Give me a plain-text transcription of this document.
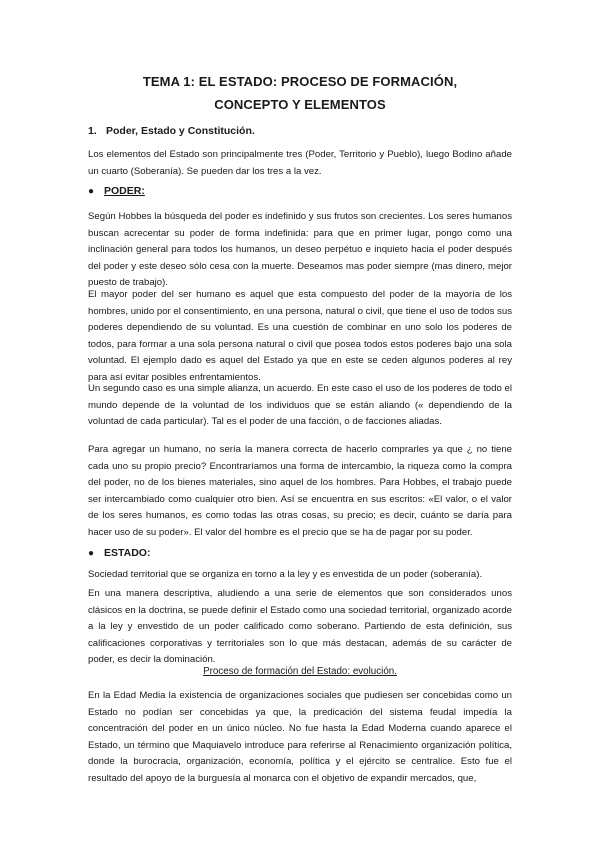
TEMA 1: EL ESTADO: PROCESO DE FORMACIÓN,
CONCEPTO Y ELEMENTOS
1. Poder, Estado y Constitución.
Los elementos del Estado son principalmente tres (Poder, Territorio y Pueblo), luego Bodino añade un cuarto (Soberanía). Se pueden dar los tres a la vez.
● PODER:
Según Hobbes la búsqueda del poder es indefinido y sus frutos son crecientes. Los seres humanos buscan acrecentar su poder de forma indefinida: para que en primer lugar, pongo como una inclinación general para todos los humanos, un deseo perpétuo e inquieto hacia el poder después del poder y este deseo sólo cesa con la muerte. Deseamos mas poder siempre (mas dinero, mejor puesto de trabajo).
El mayor poder del ser humano es aquel que esta compuesto del poder de la mayoría de los hombres, unido por el consentimiento, en una persona, natural o civil, que tiene el uso de todos sus poderes dependiendo de su voluntad. Es una cuestión de combinar en uno solo los poderes de todos, para formar a una sola persona natural o civil que posea todos estos poderes bajo una sola voluntad. El ejemplo dado es aquel del Estado ya que en este se ceden algunos poderes al rey para así evitar posibles enfrentamientos.
Un segundo caso es una simple alianza, un acuerdo. En este caso el uso de los poderes de todo el mundo depende de la voluntad de los individuos que se están aliando (« dependiendo de la voluntad de cada particular). Tal es el poder de una facción, o de facciones aliadas.
Para agregar un humano, no sería la manera correcta de hacerlo comprarles ya que ¿ no tiene cada uno su propio precio? Encontraríamos una forma de intercambio, la riqueza como la compra del poder, no de los bienes materiales, sino aquel de los hombres. Para Hobbes, el trabajo puede ser intercambiado como cualquier otro bien. Así se encuentra en sus escritos: «El valor, o el valor de los seres humanos, es como todas las otras cosas, su precio; es decir, cuánto se daría para hacer uso de su poder». El valor del hombre es el precio que se ha de pagar por su poder.
● ESTADO:
Sociedad territorial que se organiza en torno a la ley y es envestida de un poder (soberanía).
En una manera descriptiva, aludiendo a una serie de elementos que son considerados unos clásicos en la doctrina, se puede definir el Estado como una sociedad territorial, organizado acorde a la ley y envestido de un poder calificado como soberano. Partiendo de esta definición, sus calificaciones corporativas y territoriales son lo que más destacan, además de su carácter de poder, es decir la dominación.
Proceso de formación del Estado: evolución.
En la Edad Media la existencia de organizaciones sociales que pudiesen ser concebidas como un Estado no podían ser concebidas ya que, la predicación del sistema feudal impedía la concentración del poder en un único núcleo. No fue hasta la Edad Moderna cuando aparece el Estado, un término que Maquiavelo introduce para referirse al Renacimiento organización política, donde la burocracia, organización, economía, política y el ejército se centralice. Esto fue el resultado del apoyo de la burguesía al monarca con el objetivo de expandir mercados, que,
